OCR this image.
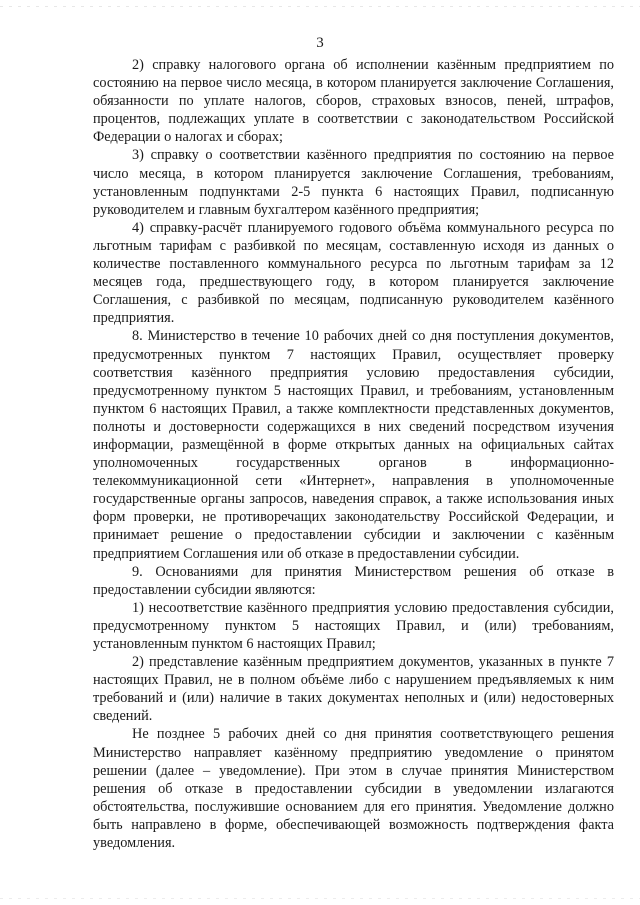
3

2) справку налогового органа об исполнении казённым предприятием по состоянию на первое число месяца, в котором планируется заключение Соглашения, обязанности по уплате налогов, сборов, страховых взносов, пеней, штрафов, процентов, подлежащих уплате в соответствии с законодательством Российской Федерации о налогах и сборах;

3) справку о соответствии казённого предприятия по состоянию на первое число месяца, в котором планируется заключение Соглашения, требованиям, установленным подпунктами 2-5 пункта 6 настоящих Правил, подписанную руководителем и главным бухгалтером казённого предприятия;

4) справку-расчёт планируемого годового объёма коммунального ресурса по льготным тарифам с разбивкой по месяцам, составленную исходя из данных о количестве поставленного коммунального ресурса по льготным тарифам за 12 месяцев года, предшествующего году, в котором планируется заключение Соглашения, с разбивкой по месяцам, подписанную руководителем казённого предприятия.

8. Министерство в течение 10 рабочих дней со дня поступления документов, предусмотренных пунктом 7 настоящих Правил, осуществляет проверку соответствия казённого предприятия условию предоставления субсидии, предусмотренному пунктом 5 настоящих Правил, и требованиям, установленным пунктом 6 настоящих Правил, а также комплектности представленных документов, полноты и достоверности содержащихся в них сведений посредством изучения информации, размещённой в форме открытых данных на официальных сайтах уполномоченных государственных органов в информационно-телекоммуникационной сети «Интернет», направления в уполномоченные государственные органы запросов, наведения справок, а также использования иных форм проверки, не противоречащих законодательству Российской Федерации, и принимает решение о предоставлении субсидии и заключении с казённым предприятием Соглашения или об отказе в предоставлении субсидии.

9. Основаниями для принятия Министерством решения об отказе в предоставлении субсидии являются:

1) несоответствие казённого предприятия условию предоставления субсидии, предусмотренному пунктом 5 настоящих Правил, и (или) требованиям, установленным пунктом 6 настоящих Правил;

2) представление казённым предприятием документов, указанных в пункте 7 настоящих Правил, не в полном объёме либо с нарушением предъявляемых к ним требований и (или) наличие в таких документах неполных и (или) недостоверных сведений.

Не позднее 5 рабочих дней со дня принятия соответствующего решения Министерство направляет казённому предприятию уведомление о принятом решении (далее – уведомление). При этом в случае принятия Министерством решения об отказе в предоставлении субсидии в уведомлении излагаются обстоятельства, послужившие основанием для его принятия. Уведомление должно быть направлено в форме, обеспечивающей возможность подтверждения факта уведомления.
